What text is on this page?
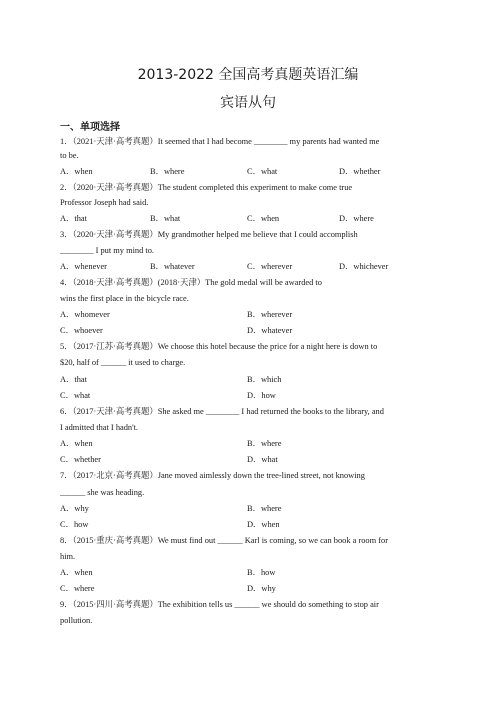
2013-2022 全国高考真题英语汇编
宾语从句
一、单项选择
1．（2021·天津·高考真题）It seemed that I had become ________ my parents had wanted me
to be.
A．when	B．where	C．what	D．whether
2．（2020·天津·高考真题）The student completed this experiment to make come true
Professor Joseph had said.
A．that	B．what	C．when	D．where
3．（2020·天津·高考真题）My grandmother helped me believe that I could accomplish
________ I put my mind to.
A．whenever	B．whatever	C．wherever	D．whichever
4．（2018·天津·高考真题）(2018·天津）The gold medal will be awarded to
wins the first place in the bicycle race.
A．whomever	B．wherever
C．whoever	D．whatever
5．（2017·江苏·高考真题）We choose this hotel because the price for a night here is down to
$20, half of ______ it used to charge.
A．that	B．which
C．what	D．how
6．（2017·天津·高考真题）She asked me ________ I had returned the books to the library, and
I admitted that I hadn't.
A．when	B．where
C．whether	D．what
7．（2017·北京·高考真题）Jane moved aimlessly down the tree-lined street, not knowing
______ she was heading.
A．why	B．where
C．how	D．when
8．（2015·重庆·高考真题）We must find out ______ Karl is coming, so we can book a room for
him.
A．when	B．how
C．where	D．why
9．（2015·四川·高考真题）The exhibition tells us ______ we should do something to stop air
pollution.
